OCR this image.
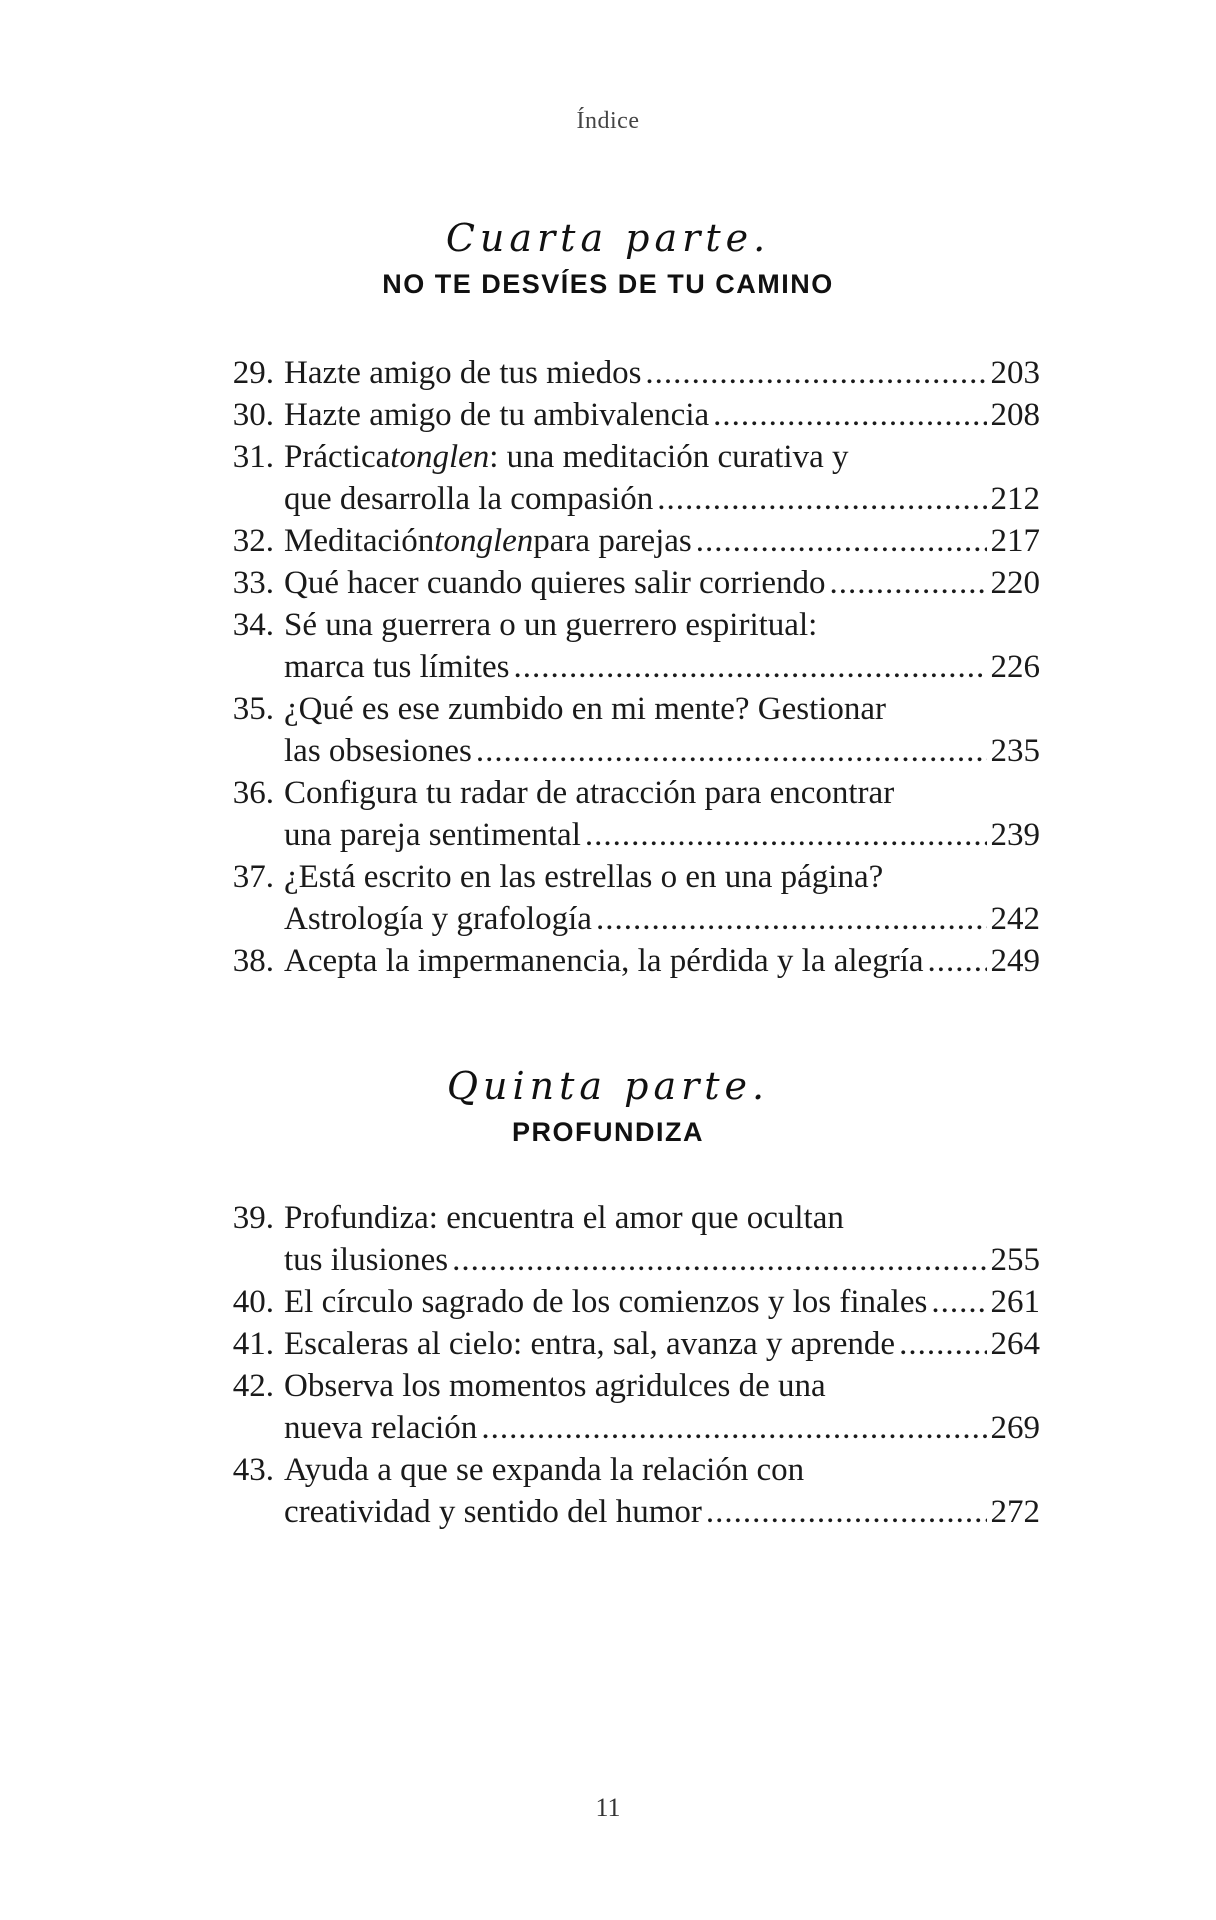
Índice
Cuarta parte.
NO TE DESVÍES DE TU CAMINO
29. Hazte amigo de tus miedos .....	203
30. Hazte amigo de tu ambivalencia .....	208
31. Práctica tonglen : una meditación curativa y
que desarrolla la compasión .....	212
32. Meditación tonglen para parejas .....	217
33. Qué hacer cuando quieres salir corriendo .....	220
34. Sé una guerrera o un guerrero espiritual:
marca tus límites .....	226
35. ¿Qué es ese zumbido en mi mente? Gestionar
las obsesiones .....	235
36. Configura tu radar de atracción para encontrar
una pareja sentimental .....	239
37. ¿Está escrito en las estrellas o en una página?
Astrología y grafología .....	242
38. Acepta la impermanencia, la pérdida y la alegría ..... 249
Quinta parte.
PROFUNDIZA
39. Profundiza: encuentra el amor que ocultan
tus ilusiones .....	255
40. El círculo sagrado de los comienzos y los finales ..... 261
41. Escaleras al cielo: entra, sal, avanza y aprende .....	264
42. Observa los momentos agridulces de una
nueva relación .....	269
43. Ayuda a que se expanda la relación con
creatividad y sentido del humor .....	272
11
